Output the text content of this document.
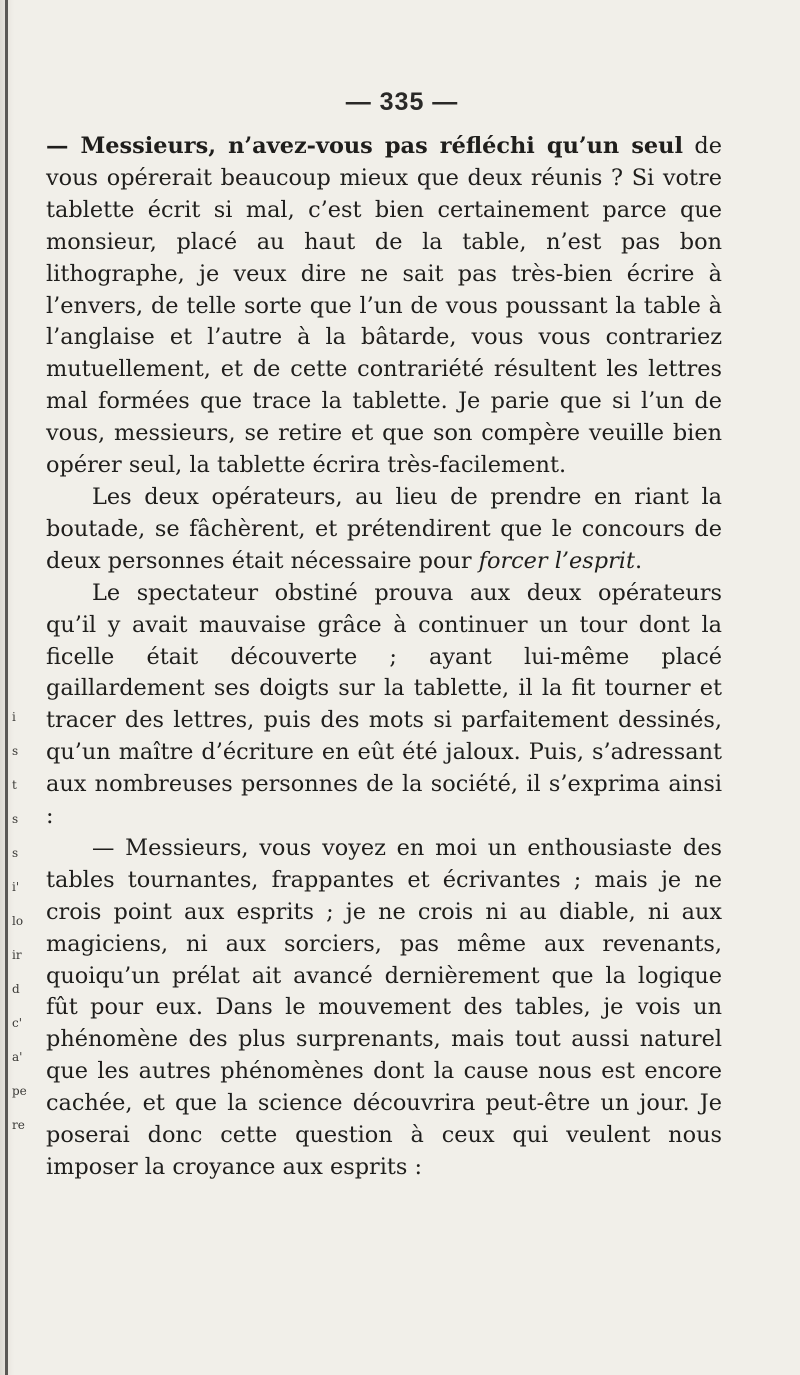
i
s
t
s
s
i'
lo
ir
d
c'
a'
pe
re
— 335 —

— Messieurs, n’avez-vous pas réfléchi qu’un seul de vous opérerait beaucoup mieux que deux réunis ? Si votre tablette écrit si mal, c’est bien certainement parce que monsieur, placé au haut de la table, n’est pas bon lithographe, je veux dire ne sait pas très-bien écrire à l’envers, de telle sorte que l’un de vous poussant la table à l’anglaise et l’autre à la bâtarde, vous vous contrariez mutuellement, et de cette contrariété résultent les lettres mal formées que trace la tablette. Je parie que si l’un de vous, messieurs, se retire et que son compère veuille bien opérer seul, la tablette écrira très-facilement.

Les deux opérateurs, au lieu de prendre en riant la boutade, se fâchèrent, et prétendirent que le concours de deux personnes était nécessaire pour forcer l’esprit.

Le spectateur obstiné prouva aux deux opérateurs qu’il y avait mauvaise grâce à continuer un tour dont la ficelle était découverte ; ayant lui-même placé gaillardement ses doigts sur la tablette, il la fit tourner et tracer des lettres, puis des mots si parfaitement dessinés, qu’un maître d’écriture en eût été jaloux. Puis, s’adressant aux nombreuses personnes de la société, il s’exprima ainsi :

— Messieurs, vous voyez en moi un enthousiaste des tables tournantes, frappantes et écrivantes ; mais je ne crois point aux esprits ; je ne crois ni au diable, ni aux magiciens, ni aux sorciers, pas même aux revenants, quoiqu’un prélat ait avancé dernièrement que la logique fût pour eux. Dans le mouvement des tables, je vois un phénomène des plus surprenants, mais tout aussi naturel que les autres phénomènes dont la cause nous est encore cachée, et que la science découvrira peut-être un jour. Je poserai donc cette question à ceux qui veulent nous imposer la croyance aux esprits :
